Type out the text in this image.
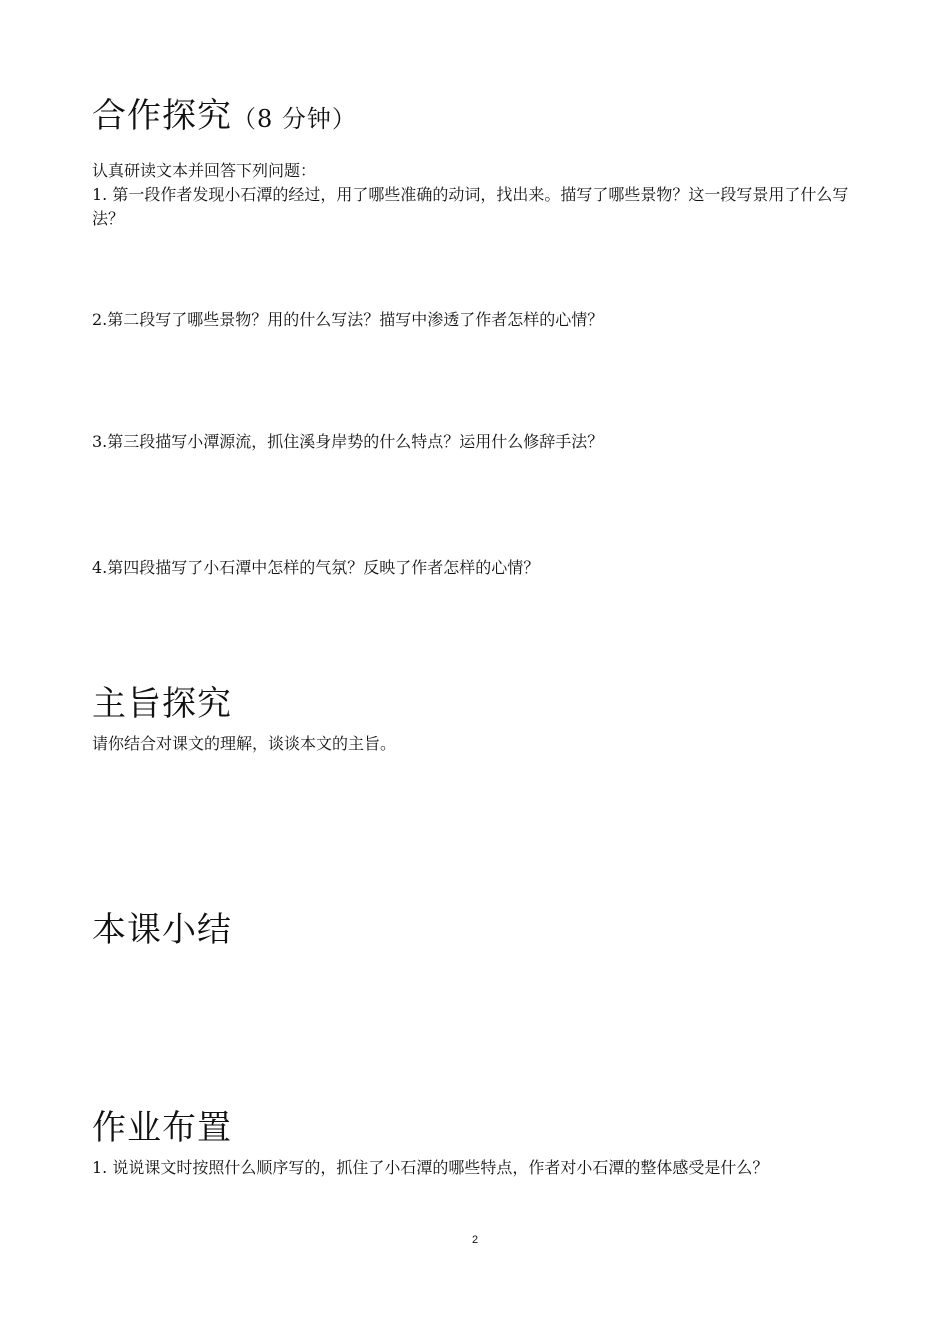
合作探究（8 分钟）
认真研读文本并回答下列问题：
1. 第一段作者发现小石潭的经过，用了哪些准确的动词，找出来。描写了哪些景物？这一段写景用了什么写法？
2.第二段写了哪些景物？用的什么写法？描写中渗透了作者怎样的心情？
3.第三段描写小潭源流，抓住溪身岸势的什么特点？运用什么修辞手法？
4.第四段描写了小石潭中怎样的气氛？反映了作者怎样的心情？
主旨探究
请你结合对课文的理解，谈谈本文的主旨。
本课小结
作业布置
1. 说说课文时按照什么顺序写的，抓住了小石潭的哪些特点，作者对小石潭的整体感受是什么？
2
